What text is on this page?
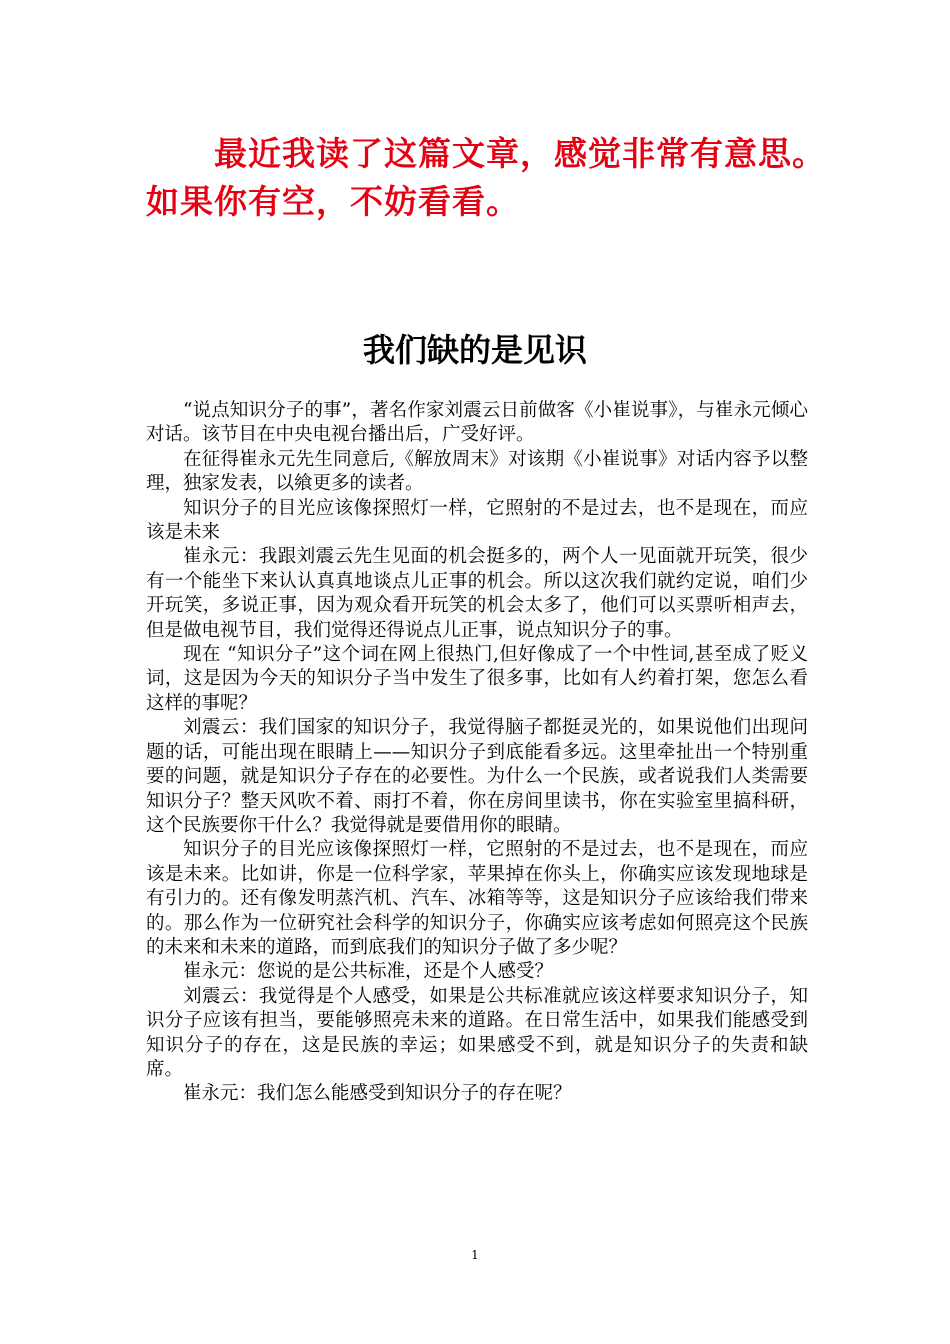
最近我读了这篇文章，感觉非常有意思。如果你有空，不妨看看。
我们缺的是见识

“说点知识分子的事”，著名作家刘震云日前做客《小崔说事》，与崔永元倾心对话。该节目在中央电视台播出后，广受好评。

在征得崔永元先生同意后,《解放周末》对该期《小崔说事》对话内容予以整理，独家发表，以飨更多的读者。

知识分子的目光应该像探照灯一样，它照射的不是过去，也不是现在，而应该是未来

崔永元：我跟刘震云先生见面的机会挺多的，两个人一见面就开玩笑，很少有一个能坐下来认认真真地谈点儿正事的机会。所以这次我们就约定说，咱们少开玩笑，多说正事，因为观众看开玩笑的机会太多了，他们可以买票听相声去，但是做电视节目，我们觉得还得说点儿正事，说点知识分子的事。

现在 “知识分子”这个词在网上很热门,但好像成了一个中性词,甚至成了贬义词，这是因为今天的知识分子当中发生了很多事，比如有人约着打架，您怎么看这样的事呢？

刘震云：我们国家的知识分子，我觉得脑子都挺灵光的，如果说他们出现问题的话，可能出现在眼睛上——知识分子到底能看多远。这里牵扯出一个特别重要的问题，就是知识分子存在的必要性。为什么一个民族，或者说我们人类需要知识分子？整天风吹不着、雨打不着，你在房间里读书，你在实验室里搞科研，这个民族要你干什么？我觉得就是要借用你的眼睛。

知识分子的目光应该像探照灯一样，它照射的不是过去，也不是现在，而应该是未来。比如讲，你是一位科学家，苹果掉在你头上，你确实应该发现地球是有引力的。还有像发明蒸汽机、汽车、冰箱等等，这是知识分子应该给我们带来的。那么作为一位研究社会科学的知识分子，你确实应该考虑如何照亮这个民族的未来和未来的道路，而到底我们的知识分子做了多少呢？

崔永元：您说的是公共标准，还是个人感受？

刘震云：我觉得是个人感受，如果是公共标准就应该这样要求知识分子，知识分子应该有担当，要能够照亮未来的道路。在日常生活中，如果我们能感受到知识分子的存在，这是民族的幸运；如果感受不到，就是知识分子的失责和缺席。

崔永元：我们怎么能感受到知识分子的存在呢？

1
